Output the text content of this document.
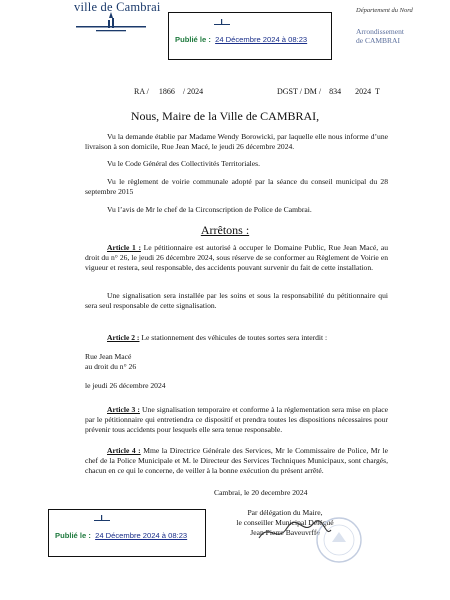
ville de Cambrai	Département du Nord
Arrondissement
de CAMBRAI
Publié le : 24 Décembre 2024 à 08:23
RA / 1866 / 2024	DGST / DM / 834 2024 T
Nous, Maire de la Ville de CAMBRAI,
Vu la demande établie par Madame Wendy Borowicki, par laquelle elle nous informe d’une livraison à son domicile, Rue Jean Macé, le jeudi 26 décembre 2024.
Vu le Code Général des Collectivités Territoriales.
Vu le règlement de voirie communale adopté par la séance du conseil municipal du 28 septembre 2015
Vu l’avis de Mr le chef de la Circonscription de Police de Cambrai.
Arrêtons :
Article 1 : Le pétitionnaire est autorisé à occuper le Domaine Public, Rue Jean Macé, au droit du n° 26, le jeudi 26 décembre 2024, sous réserve de se conformer au Règlement de Voirie en vigueur et restera, seul responsable, des accidents pouvant survenir du fait de cette installation.
Une signalisation sera installée par les soins et sous la responsabilité du pétitionnaire qui sera seul responsable de cette signalisation.
Article 2 : Le stationnement des véhicules de toutes sortes sera interdit :
Rue Jean Macé
au droit du n° 26
le jeudi 26 décembre 2024
Article 3 : Une signalisation temporaire et conforme à la réglementation sera mise en place par le pétitionnaire qui entretiendra ce dispositif et prendra toutes les dispositions nécessaires pour prévenir tous accidents pour lesquels elle sera tenue responsable.
Article 4 : Mme la Directrice Générale des Services, Mr le Commissaire de Police, Mr le chef de la Police Municipale et M. le Directeur des Services Techniques Municipaux, sont chargés, chacun en ce qui le concerne, de veiller à la bonne exécution du présent arrêté.
Cambrai, le 20 decembre 2024
Par délégation du Maire,
le conseiller Municipal Délégué
Jean Pierre Baveuvrffe
Publié le : 24 Décembre 2024 à 08:23
